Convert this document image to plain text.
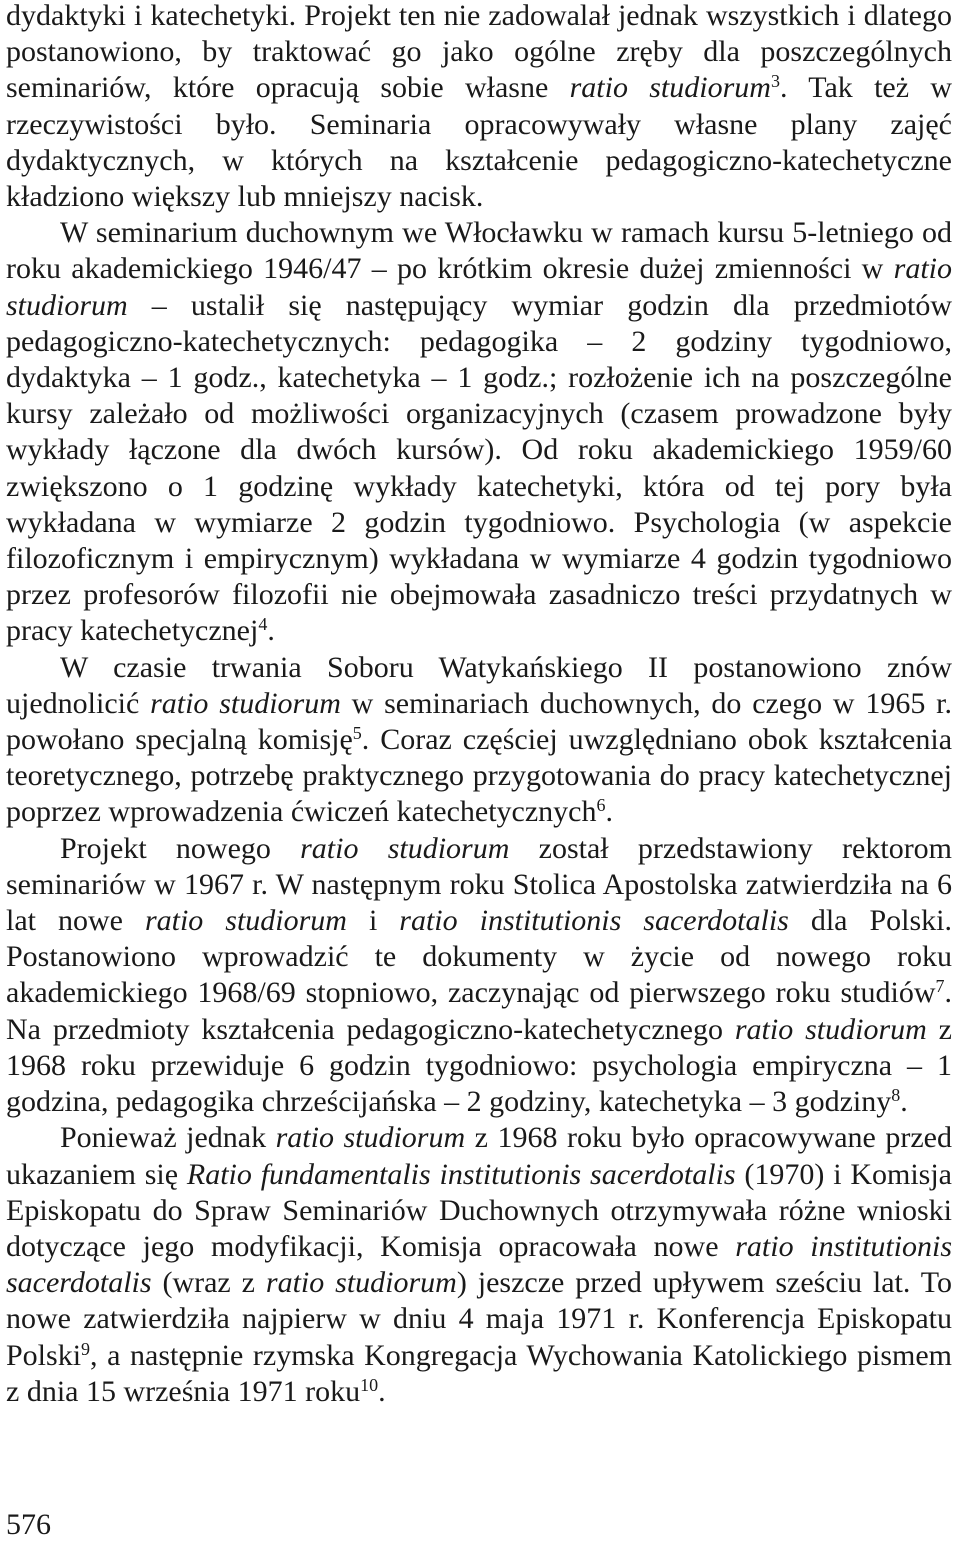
dydaktyki i katechetyki. Projekt ten nie zadowalał jednak wszystkich i dlatego postanowiono, by traktować go jako ogólne zręby dla poszczególnych seminariów, które opracują sobie własne ratio studiorum$^3$. Tak też w rzeczywistości było. Seminaria opracowywały własne plany zajęć dydaktycznych, w których na kształcenie pedagogiczno-katechetyczne kładziono większy lub mniejszy nacisk.

W seminarium duchownym we Włocławku w ramach kursu 5-letniego od roku akademickiego 1946/47 – po krótkim okresie dużej zmienności w ratio studiorum – ustalił się następujący wymiar godzin dla przedmiotów pedagogiczno-katechetycznych: pedagogika – 2 godziny tygodniowo, dydaktyka – 1 godz., katechetyka – 1 godz.; rozłożenie ich na poszczególne kursy zależało od możliwości organizacyjnych (czasem prowadzone były wykłady łączone dla dwóch kursów). Od roku akademickiego 1959/60 zwiększono o 1 godzinę wykłady katechetyki, która od tej pory była wykładana w wymiarze 2 godzin tygodniowo. Psychologia (w aspekcie filozoficznym i empirycznym) wykładana w wymiarze 4 godzin tygodniowo przez profesorów filozofii nie obejmowała zasadniczo treści przydatnych w pracy katechetycznej$^4$.

W czasie trwania Soboru Watykańskiego II postanowiono znów ujednolicić ratio studiorum w seminariach duchownych, do czego w 1965 r. powołano specjalną komisję$^5$. Coraz częściej uwzględniano obok kształcenia teoretycznego, potrzebę praktycznego przygotowania do pracy katechetycznej poprzez wprowadzenia ćwiczeń katechetycznych$^6$.

Projekt nowego ratio studiorum został przedstawiony rektorom seminariów w 1967 r. W następnym roku Stolica Apostolska zatwierdziła na 6 lat nowe ratio studiorum i ratio institutionis sacerdotalis dla Polski. Postanowiono wprowadzić te dokumenty w życie od nowego roku akademickiego 1968/69 stopniowo, zaczynając od pierwszego roku studiów$^7$. Na przedmioty kształcenia pedagogiczno-katechetycznego ratio studiorum z 1968 roku przewiduje 6 godzin tygodniowo: psychologia empiryczna – 1 godzina, pedagogika chrześcijańska – 2 godziny, katechetyka – 3 godziny$^8$.

Ponieważ jednak ratio studiorum z 1968 roku było opracowywane przed ukazaniem się Ratio fundamentalis institutionis sacerdotalis (1970) i Komisja Episkopatu do Spraw Seminariów Duchownych otrzymywała różne wnioski dotyczące jego modyfikacji, Komisja opracowała nowe ratio institutionis sacerdotalis (wraz z ratio studiorum) jeszcze przed upływem sześciu lat. To nowe zatwierdziła najpierw w dniu 4 maja 1971 r. Konferencja Episkopatu Polski$^9$, a następnie rzymska Kongregacja Wychowania Katolickiego pismem z dnia 15 września 1971 roku$^{10}$.

576
